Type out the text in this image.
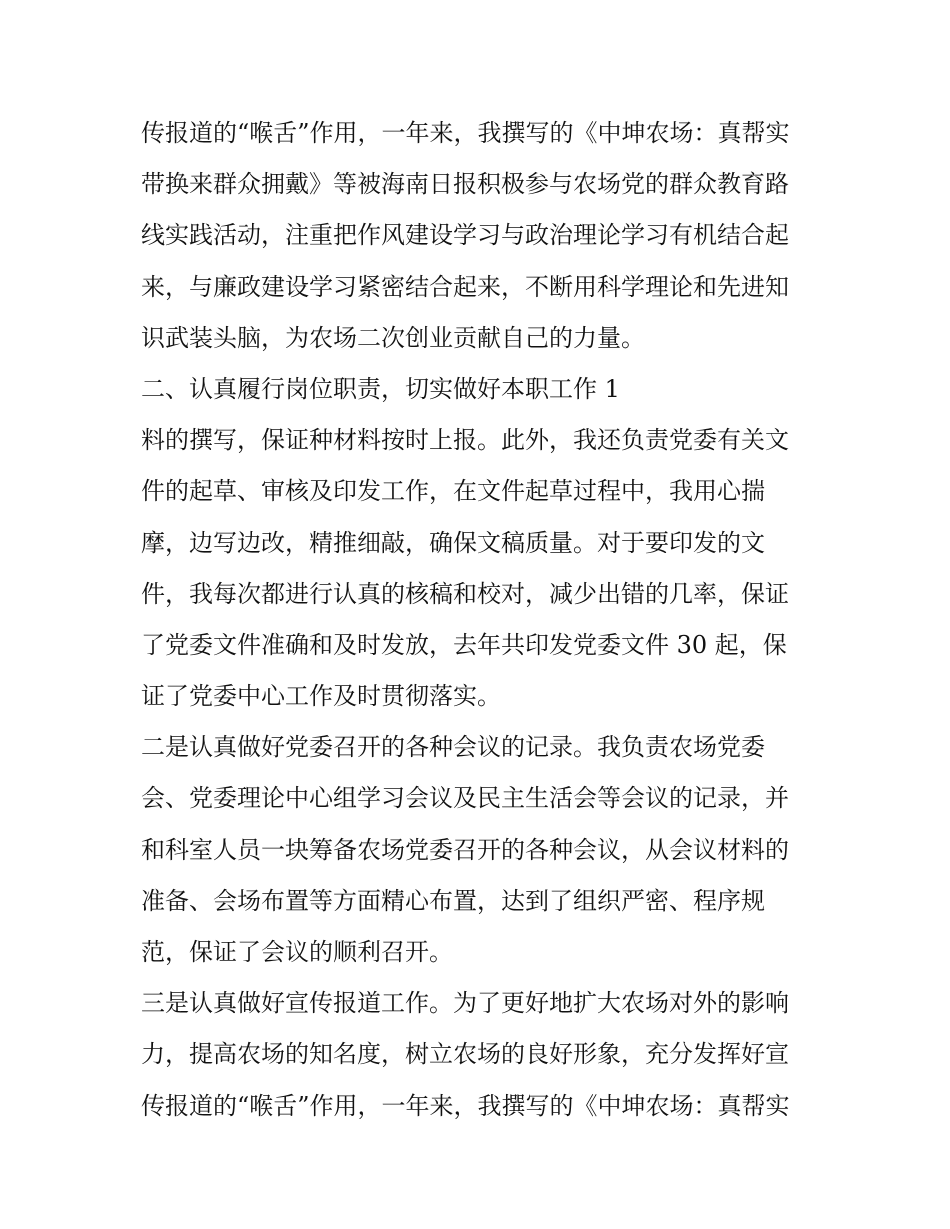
传报道的“喉舌”作用，一年来，我撰写的《中坤农场：真帮实
带换来群众拥戴》等被海南日报积极参与农场党的群众教育路
线实践活动，注重把作风建设学习与政治理论学习有机结合起
来，与廉政建设学习紧密结合起来，不断用科学理论和先进知
识武装头脑，为农场二次创业贡献自己的力量。
二、认真履行岗位职责，切实做好本职工作 1
料的撰写，保证种材料按时上报。此外，我还负责党委有关文
件的起草、审核及印发工作，在文件起草过程中，我用心揣
摩，边写边改，精推细敲，确保文稿质量。对于要印发的文
件，我每次都进行认真的核稿和校对，减少出错的几率，保证
了党委文件准确和及时发放，去年共印发党委文件 30 起，保
证了党委中心工作及时贯彻落实。
二是认真做好党委召开的各种会议的记录。我负责农场党委
会、党委理论中心组学习会议及民主生活会等会议的记录，并
和科室人员一块筹备农场党委召开的各种会议，从会议材料的
准备、会场布置等方面精心布置，达到了组织严密、程序规
范，保证了会议的顺利召开。
三是认真做好宣传报道工作。为了更好地扩大农场对外的影响
力，提高农场的知名度，树立农场的良好形象，充分发挥好宣
传报道的“喉舌”作用，一年来，我撰写的《中坤农场：真帮实
